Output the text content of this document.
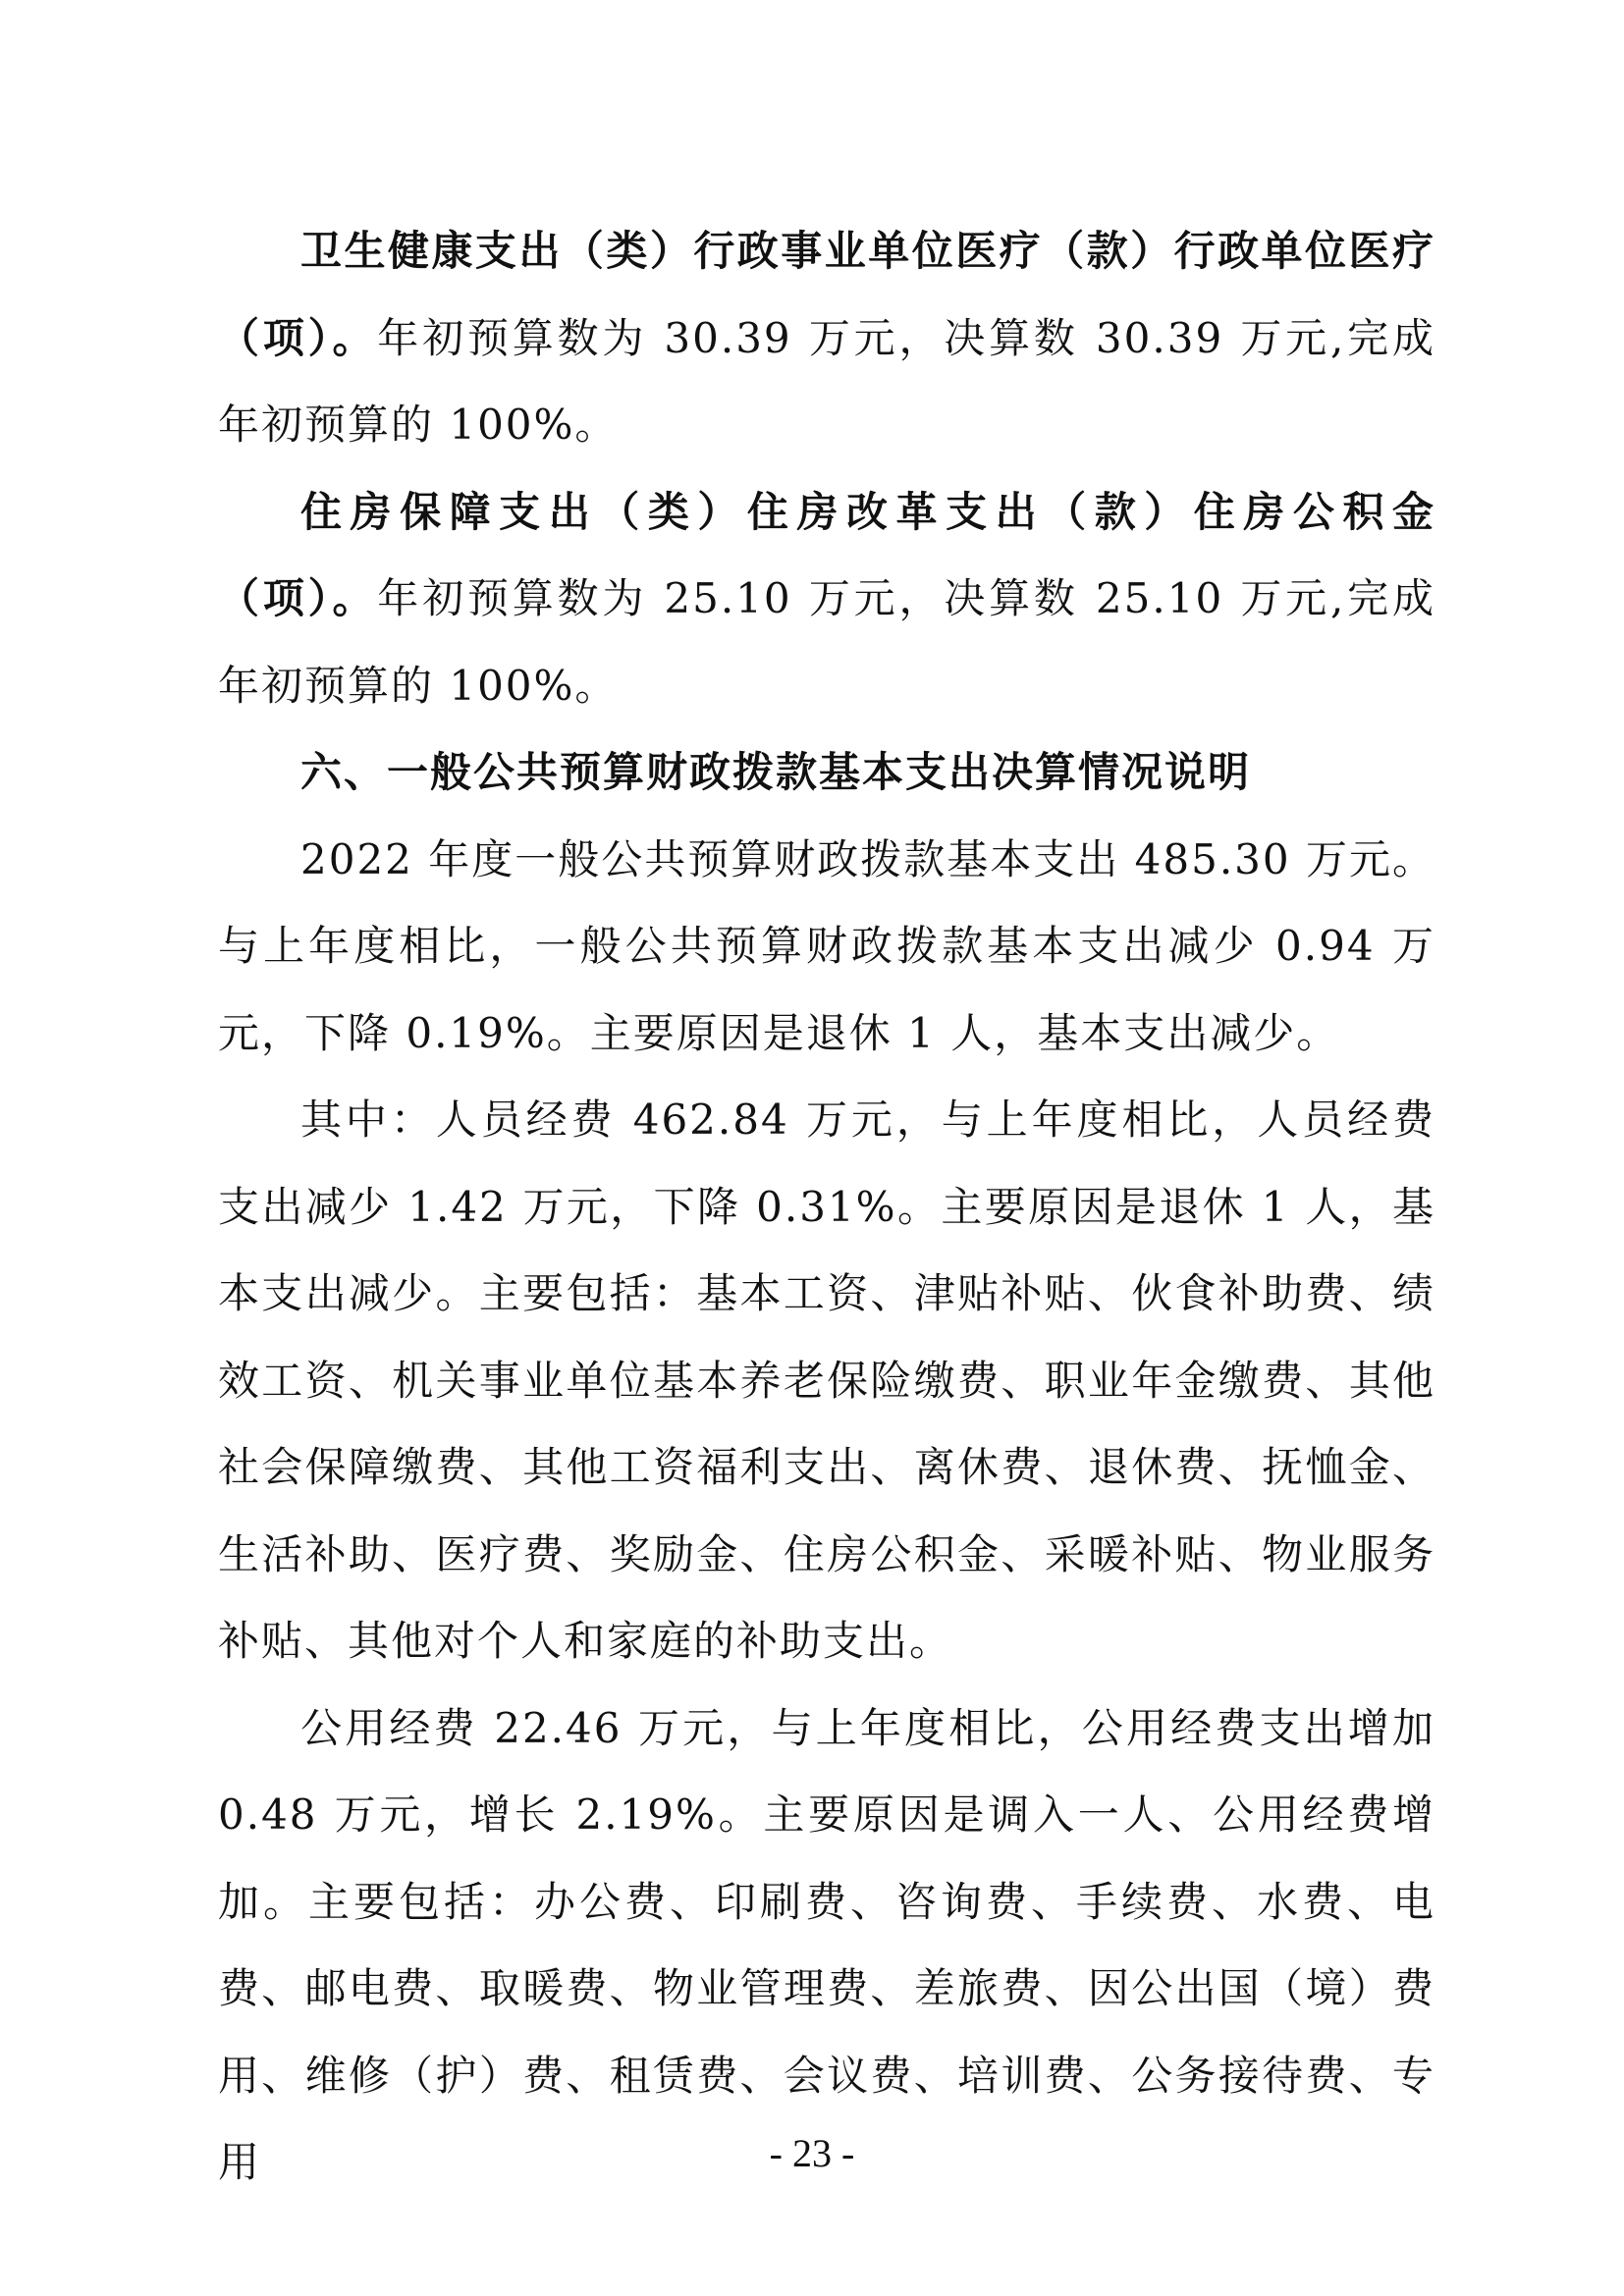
卫生健康支出（类）行政事业单位医疗（款）行政单位医疗（项）。年初预算数为 30.39 万元，决算数 30.39 万元,完成年初预算的 100%。

住房保障支出（类）住房改革支出（款）住房公积金（项）。年初预算数为 25.10 万元，决算数 25.10 万元,完成年初预算的 100%。

六、一般公共预算财政拨款基本支出决算情况说明

2022 年度一般公共预算财政拨款基本支出 485.30 万元。与上年度相比，一般公共预算财政拨款基本支出减少 0.94 万元，下降 0.19%。主要原因是退休 1 人，基本支出减少。

其中：人员经费 462.84 万元，与上年度相比，人员经费支出减少 1.42 万元，下降 0.31%。主要原因是退休 1 人，基本支出减少。主要包括：基本工资、津贴补贴、伙食补助费、绩效工资、机关事业单位基本养老保险缴费、职业年金缴费、其他社会保障缴费、其他工资福利支出、离休费、退休费、抚恤金、生活补助、医疗费、奖励金、住房公积金、采暖补贴、物业服务补贴、其他对个人和家庭的补助支出。

公用经费 22.46 万元，与上年度相比，公用经费支出增加 0.48 万元，增长 2.19%。主要原因是调入一人、公用经费增加。主要包括：办公费、印刷费、咨询费、手续费、水费、电费、邮电费、取暖费、物业管理费、差旅费、因公出国（境）费用、维修（护）费、租赁费、会议费、培训费、公务接待费、专用	- 23 -
